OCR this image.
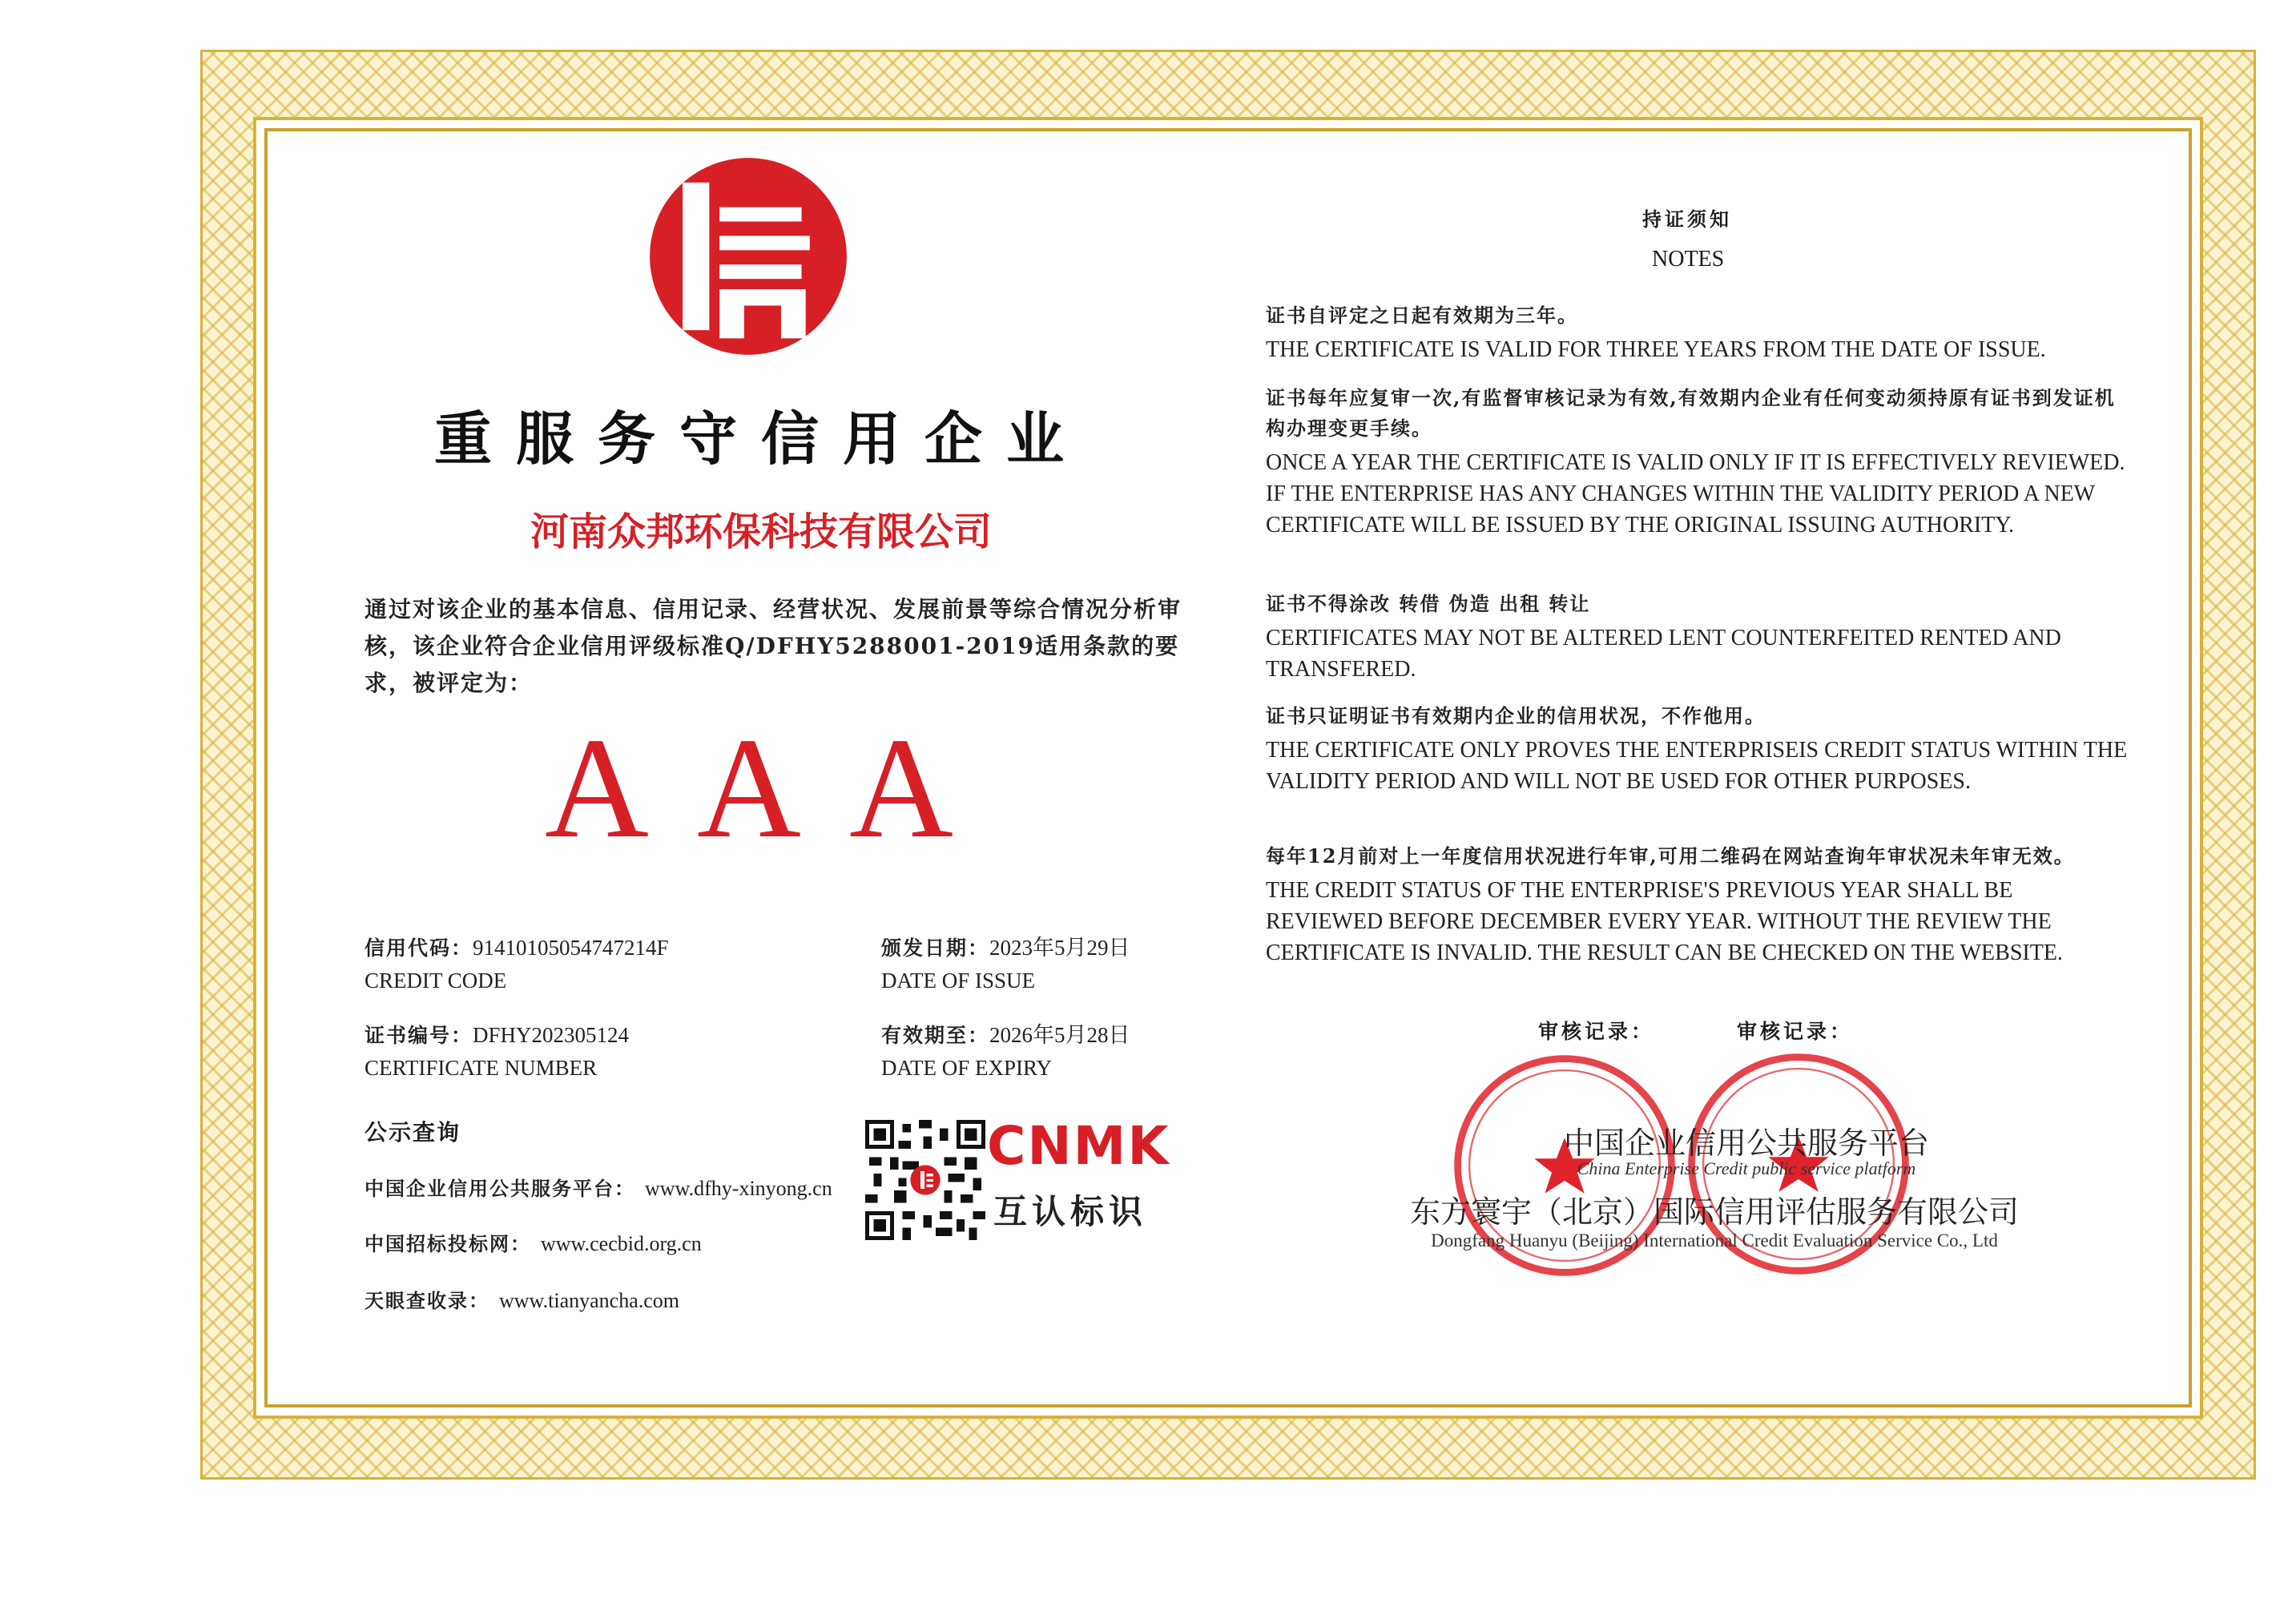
重服务守信用企业
河南众邦环保科技有限公司
通过对该企业的基本信息、信用记录、经营状况、发展前景等综合情况分析审核，该企业符合企业信用评级标准Q/DFHY5288001-2019适用条款的要求，被评定为：
AAA
信用代码：91410105054747214F
CREDIT CODE
颁发日期：2023年5月29日
DATE OF ISSUE
证书编号：DFHY202305124
CERTIFICATE NUMBER
有效期至：2026年5月28日
DATE OF EXPIRY
公示查询
中国企业信用公共服务平台： www.dfhy-xinyong.cn
中国招标投标网： www.cecbid.org.cn
天眼查收录： www.tianyancha.com
CNMK
互认标识
持证须知
NOTES
证书自评定之日起有效期为三年。
THE CERTIFICATE IS VALID FOR THREE YEARS FROM THE DATE OF ISSUE.
证书每年应复审一次,有监督审核记录为有效,有效期内企业有任何变动须持原有证书到发证机构办理变更手续。
ONCE A YEAR THE CERTIFICATE IS VALID ONLY IF IT IS EFFECTIVELY REVIEWED. IF THE ENTERPRISE HAS ANY CHANGES WITHIN THE VALIDITY PERIOD A NEW CERTIFICATE WILL BE ISSUED BY THE ORIGINAL ISSUING AUTHORITY.
证书不得涂改 转借 伪造 出租 转让
CERTIFICATES MAY NOT BE ALTERED LENT COUNTERFEITED RENTED AND TRANSFERED.
证书只证明证书有效期内企业的信用状况，不作他用。
THE CERTIFICATE ONLY PROVES THE ENTERPRISEIS CREDIT STATUS WITHIN THE VALIDITY PERIOD AND WILL NOT BE USED FOR OTHER PURPOSES.
每年12月前对上一年度信用状况进行年审,可用二维码在网站查询年审状况未年审无效。
THE CREDIT STATUS OF THE ENTERPRISE'S PREVIOUS YEAR SHALL BE REVIEWED BEFORE DECEMBER EVERY YEAR. WITHOUT THE REVIEW THE CERTIFICATE IS INVALID. THE RESULT CAN BE CHECKED ON THE WEBSITE.
审核记录：	审核记录：
中国企业信用公共服务平台
China Enterprise Credit public service platform
东方寰宇（北京）国际信用评估服务有限公司
Dongfang Huanyu (Beijing) International Credit Evaluation Service Co., Ltd
